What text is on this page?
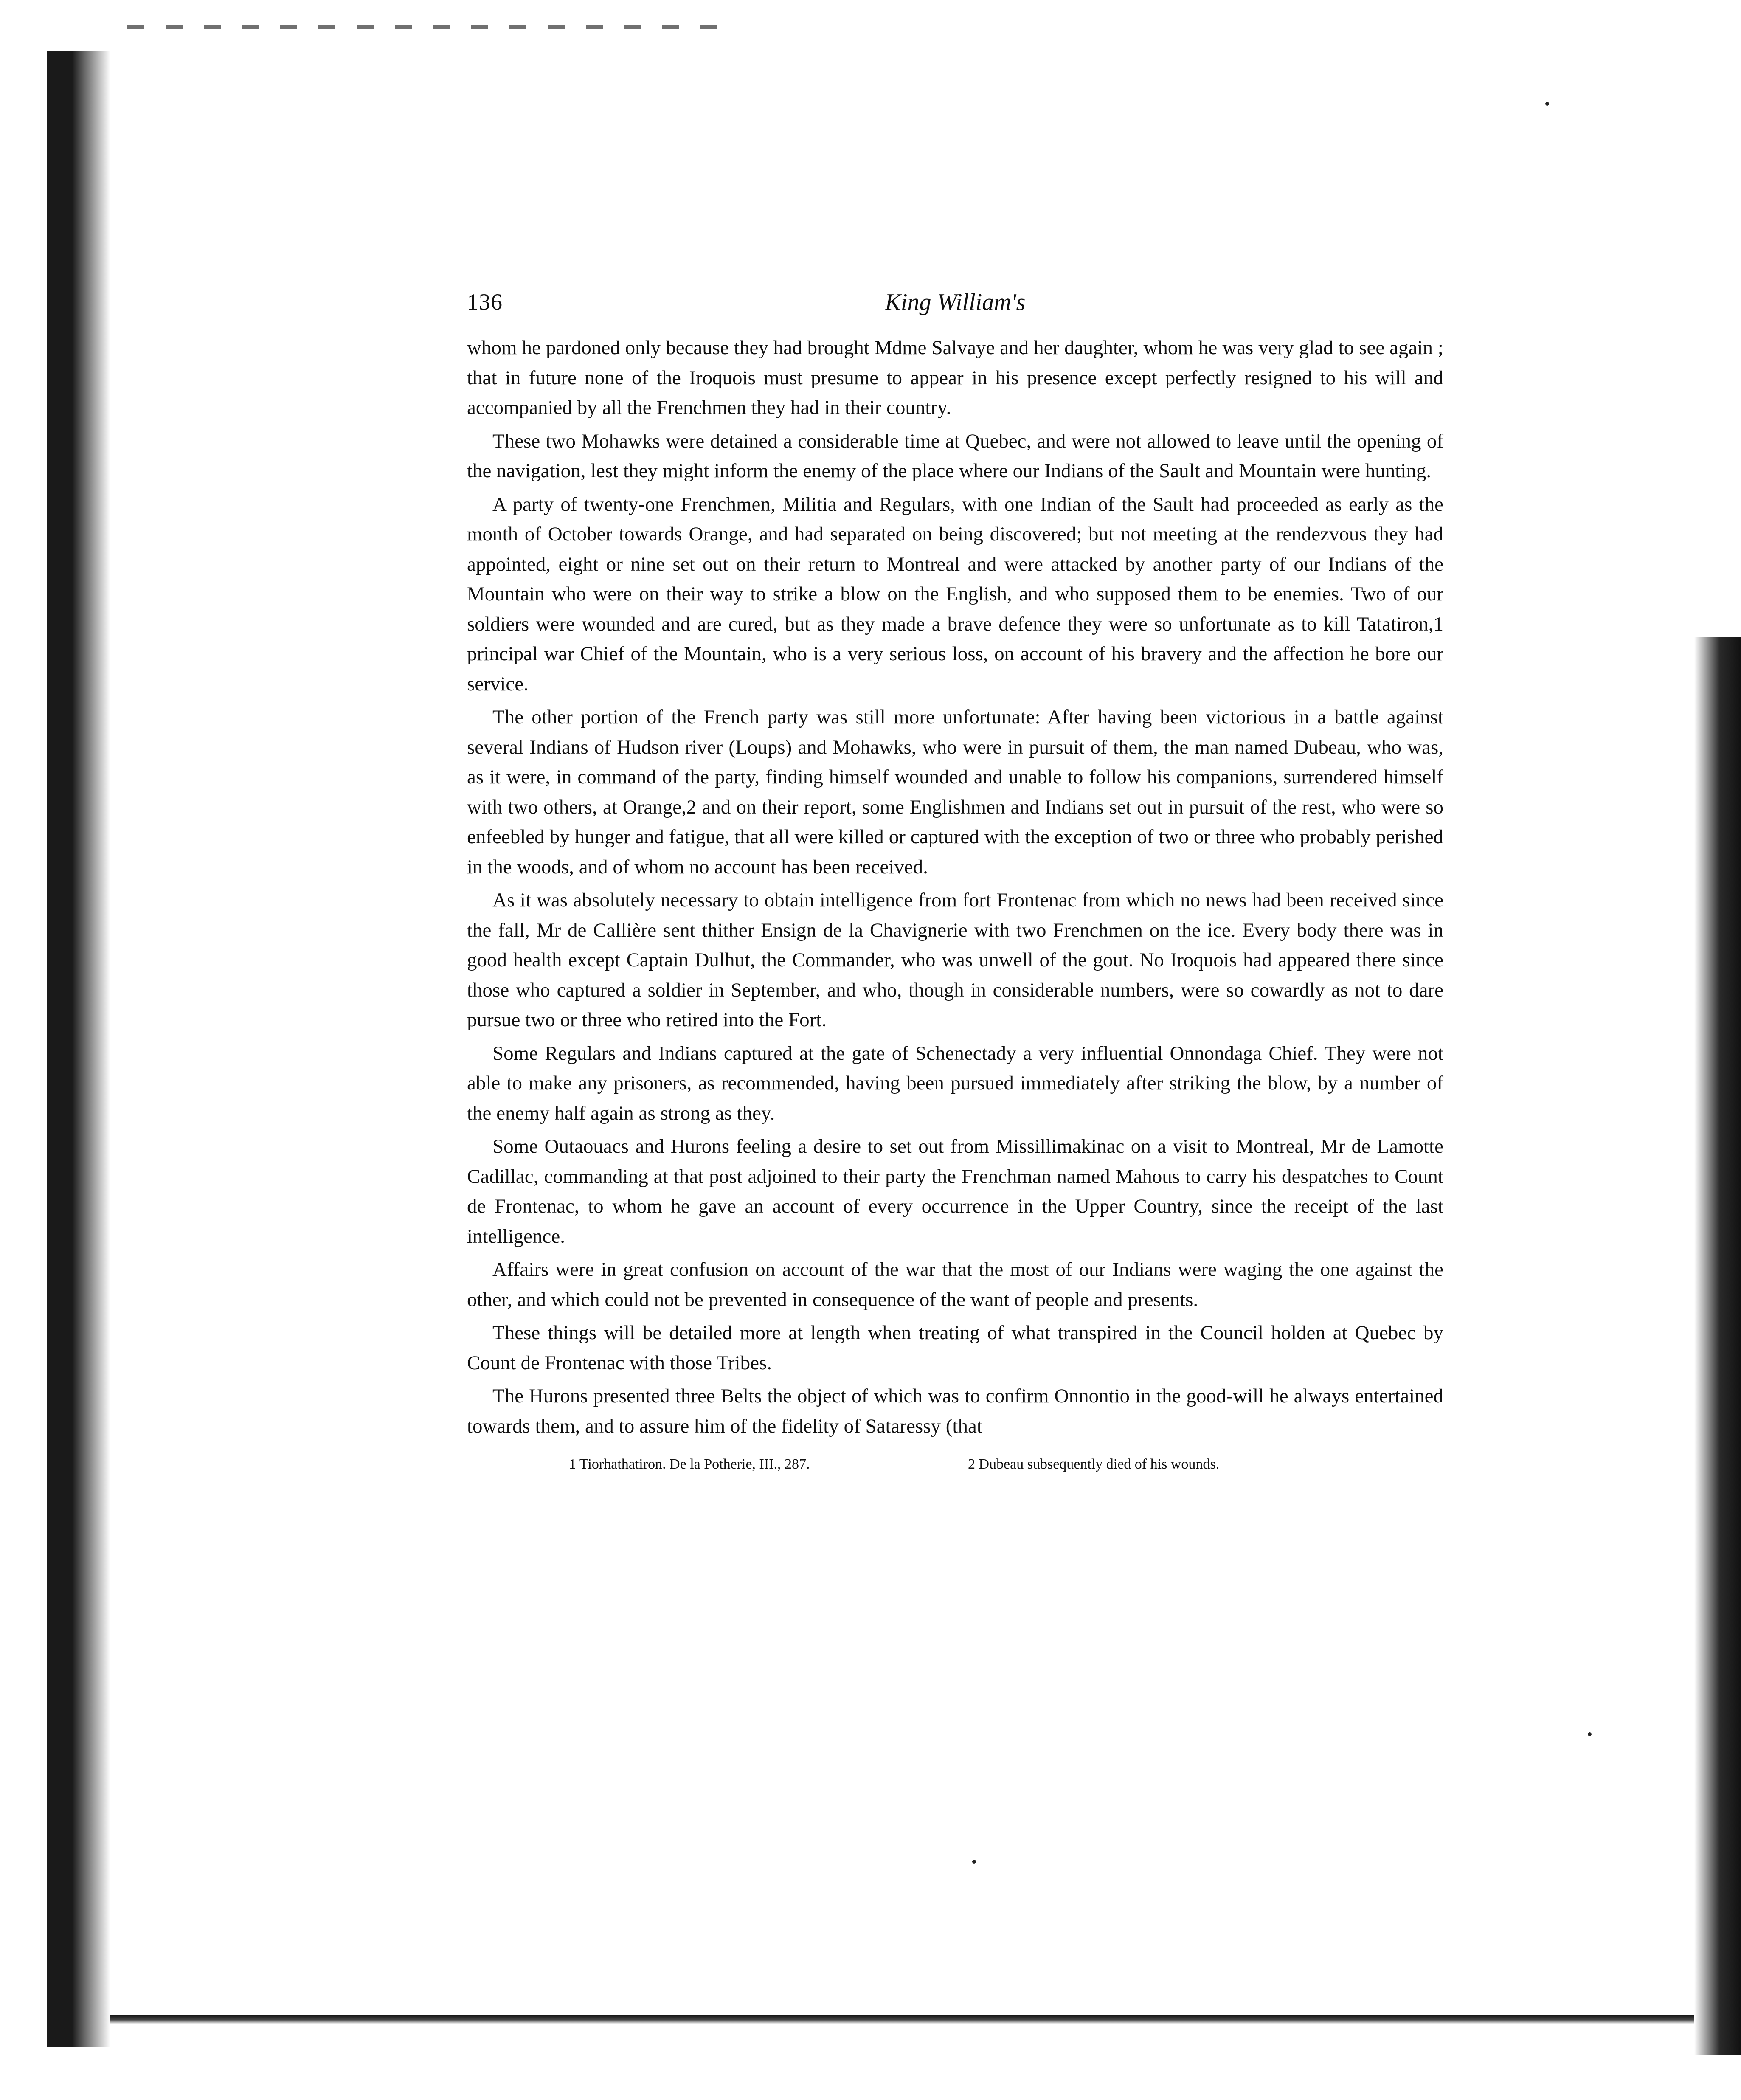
136	King William's

whom he pardoned only because they had brought Mdme Salvaye and her daughter, whom he was very glad to see again ; that in future none of the Iroquois must presume to appear in his presence except perfectly resigned to his will and accompanied by all the Frenchmen they had in their country.

These two Mohawks were detained a considerable time at Quebec, and were not allowed to leave until the opening of the navigation, lest they might inform the enemy of the place where our Indians of the Sault and Mountain were hunting.

A party of twenty-one Frenchmen, Militia and Regulars, with one Indian of the Sault had proceeded as early as the month of October towards Orange, and had separated on being discovered; but not meeting at the rendezvous they had appointed, eight or nine set out on their return to Montreal and were attacked by another party of our Indians of the Mountain who were on their way to strike a blow on the English, and who supposed them to be enemies. Two of our soldiers were wounded and are cured, but as they made a brave defence they were so unfortunate as to kill Tatatiron,1 principal war Chief of the Mountain, who is a very serious loss, on account of his bravery and the affection he bore our service.

The other portion of the French party was still more unfortunate: After having been victorious in a battle against several Indians of Hudson river (Loups) and Mohawks, who were in pursuit of them, the man named Dubeau, who was, as it were, in command of the party, finding himself wounded and unable to follow his companions, surrendered himself with two others, at Orange,2 and on their report, some Englishmen and Indians set out in pursuit of the rest, who were so enfeebled by hunger and fatigue, that all were killed or captured with the exception of two or three who probably perished in the woods, and of whom no account has been received.

As it was absolutely necessary to obtain intelligence from fort Frontenac from which no news had been received since the fall, Mr de Callière sent thither Ensign de la Chavignerie with two Frenchmen on the ice. Every body there was in good health except Captain Dulhut, the Commander, who was unwell of the gout. No Iroquois had appeared there since those who captured a soldier in September, and who, though in considerable numbers, were so cowardly as not to dare pursue two or three who retired into the Fort.

Some Regulars and Indians captured at the gate of Schenectady a very influential Onnondaga Chief. They were not able to make any prisoners, as recommended, having been pursued immediately after striking the blow, by a number of the enemy half again as strong as they.

Some Outaouacs and Hurons feeling a desire to set out from Missillimakinac on a visit to Montreal, Mr de Lamotte Cadillac, commanding at that post adjoined to their party the Frenchman named Mahous to carry his despatches to Count de Frontenac, to whom he gave an account of every occurrence in the Upper Country, since the receipt of the last intelligence.

Affairs were in great confusion on account of the war that the most of our Indians were waging the one against the other, and which could not be prevented in consequence of the want of people and presents.

These things will be detailed more at length when treating of what transpired in the Council holden at Quebec by Count de Frontenac with those Tribes.

The Hurons presented three Belts the object of which was to confirm Onnontio in the good-will he always entertained towards them, and to assure him of the fidelity of Sataressy (that

1 Tiorhathatiron. De la Potherie, III., 287.	2 Dubeau subsequently died of his wounds.
